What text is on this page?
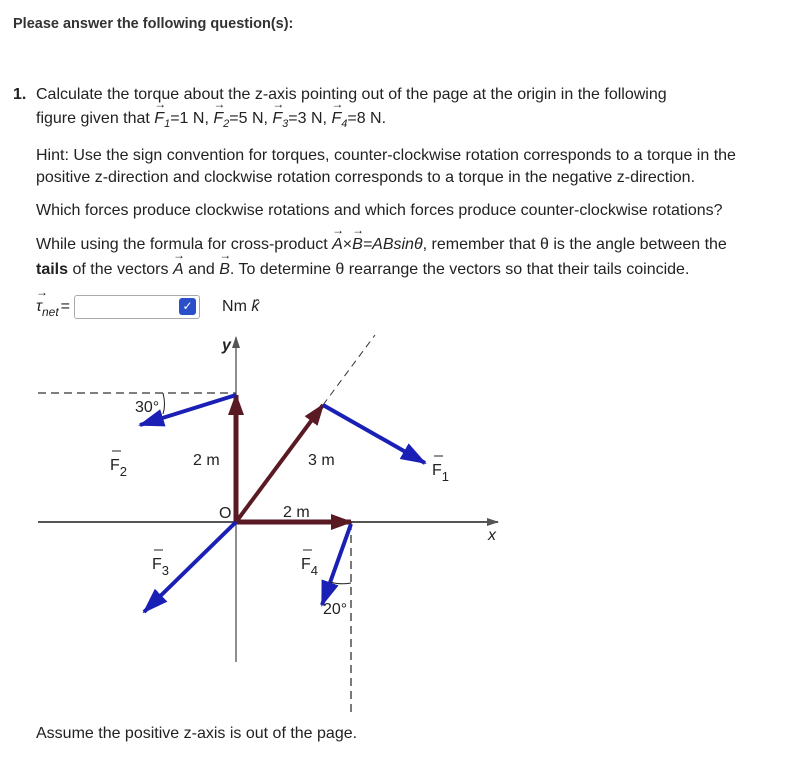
Please answer the following question(s):
1. Calculate the torque about the z-axis pointing out of the page at the origin in the following
figure given that → $F_1=1$ N, → $F_2=5$ N, → $F_3=3$ N, → $F_4=8$ N.
Hint: Use the sign convention for torques, counter-clockwise rotation corresponds to a torque in the
positive z-direction and clockwise rotation corresponds to a torque in the negative z-direction.
Which forces produce clockwise rotations and which forces produce counter-clockwise rotations?
While using the formula for cross-product → A×→ B=ABsinθ, remember that θ is the angle between the
tails of the vectors → A and → B. To determine θ rearrange the vectors so that their tails coincide.
→ τ net =	✓ Nm k̂
y
x
O
2 m	3 m
2 m
30°
20°
$F_2$	$F_1$
$F_3$	$F_4$
Assume the positive z-axis is out of the page.
